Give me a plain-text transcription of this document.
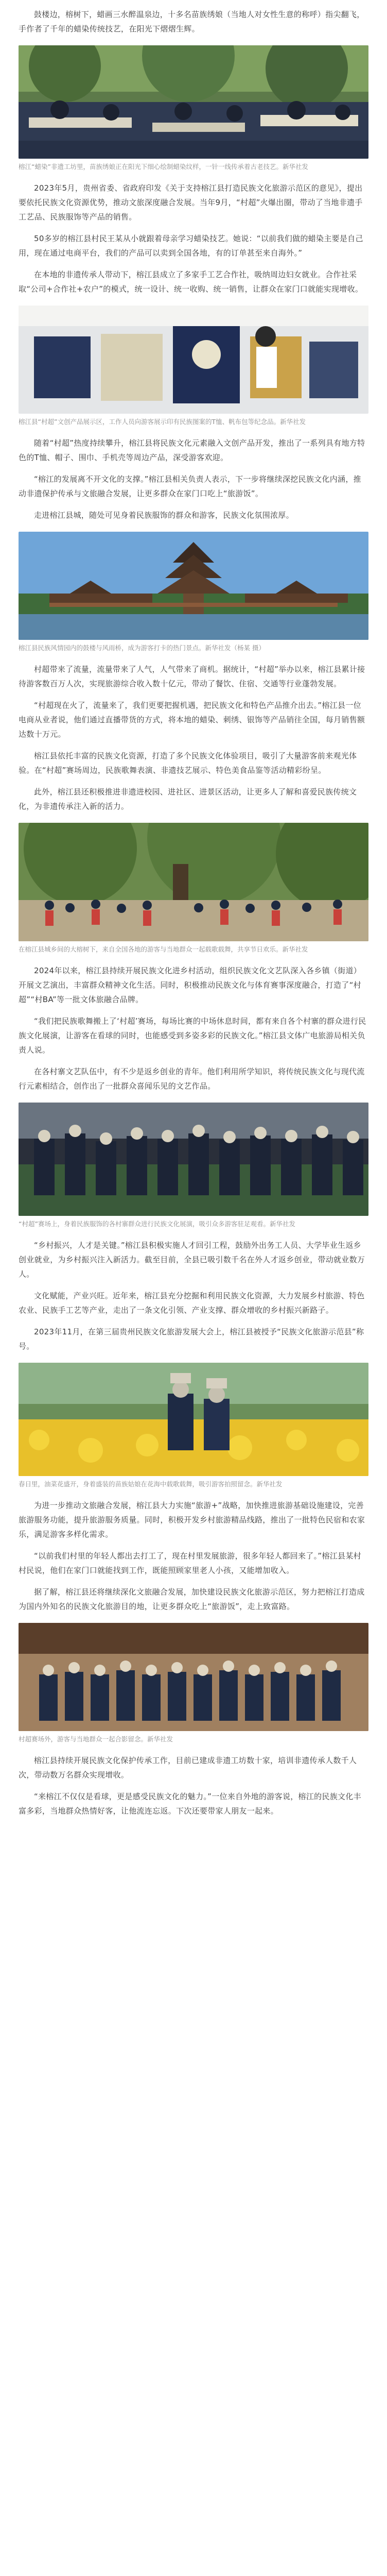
鼓楼边，榕树下，蜡画三水醉温泉边，十多名苗族绣娘（当地人对女性生意的称呼）指尖翻飞，手作者了千年的蜡染传统技艺，在阳光下熠熠生辉。

榕江“蜡染”非遗工坊里，苗族绣娘正在阳光下细心绘制蜡染纹样，一针一线传承着古老技艺。新华社发

2023年5月，贵州省委、省政府印发《关于支持榕江县打造民族文化旅游示范区的意见》，提出要依托民族文化资源优势，推动文旅深度融合发展。当年9月，“村超”火爆出圈，带动了当地非遗手工艺品、民族服饰等产品的销售。

50多岁的榕江县村民王某从小就跟着母亲学习蜡染技艺。她说：“以前我们做的蜡染主要是自己用，现在通过电商平台，我们的产品可以卖到全国各地，有的订单甚至来自海外。”

在本地的非遗传承人带动下，榕江县成立了多家手工艺合作社，吸纳周边妇女就业。合作社采取“公司+合作社+农户”的模式，统一设计、统一收购、统一销售，让群众在家门口就能实现增收。

榕江县“村超”文创产品展示区，工作人员向游客展示印有民族图案的T恤、帆布包等纪念品。新华社发

随着“村超”热度持续攀升，榕江县将民族文化元素融入文创产品开发，推出了一系列具有地方特色的T恤、帽子、围巾、手机壳等周边产品，深受游客欢迎。

“榕江的发展离不开文化的支撑。”榕江县相关负责人表示，下一步将继续深挖民族文化内涵，推动非遗保护传承与文旅融合发展，让更多群众在家门口吃上“旅游饭”。

走进榕江县城，随处可见身着民族服饰的群众和游客，民族文化氛围浓厚。

榕江县民族风情园内的鼓楼与风雨桥，成为游客打卡的热门景点。新华社发（杨某 摄）

村超带来了流量，流量带来了人气，人气带来了商机。据统计，“村超”举办以来，榕江县累计接待游客数百万人次，实现旅游综合收入数十亿元，带动了餐饮、住宿、交通等行业蓬勃发展。

“村超现在火了，流量来了，我们更要把握机遇，把民族文化和特色产品推介出去。”榕江县一位电商从业者说，他们通过直播带货的方式，将本地的蜡染、刺绣、银饰等产品销往全国，每月销售额达数十万元。

榕江县依托丰富的民族文化资源，打造了多个民族文化体验项目，吸引了大量游客前来观光体验。在“村超”赛场周边，民族歌舞表演、非遗技艺展示、特色美食品鉴等活动精彩纷呈。

此外，榕江县还积极推进非遗进校园、进社区、进景区活动，让更多人了解和喜爱民族传统文化，为非遗传承注入新的活力。

在榕江县城乡间的大榕树下，来自全国各地的游客与当地群众一起载歌载舞，共享节日欢乐。新华社发

2024年以来，榕江县持续开展民族文化进乡村活动，组织民族文化文艺队深入各乡镇（街道）开展文艺演出，丰富群众精神文化生活。同时，积极推动民族文化与体育赛事深度融合，打造了“村超”“村BA”等一批文体旅融合品牌。

“我们把民族歌舞搬上了‘村超’赛场，每场比赛的中场休息时间，都有来自各个村寨的群众进行民族文化展演，让游客在看球的同时，也能感受到多姿多彩的民族文化。”榕江县文体广电旅游局相关负责人说。

在各村寨文艺队伍中，有不少是返乡创业的青年。他们利用所学知识，将传统民族文化与现代流行元素相结合，创作出了一批群众喜闻乐见的文艺作品。

“村超”赛场上，身着民族服饰的各村寨群众进行民族文化展演，吸引众多游客驻足观看。新华社发

“乡村振兴，人才是关键。”榕江县积极实施人才回引工程，鼓励外出务工人员、大学毕业生返乡创业就业，为乡村振兴注入新活力。截至目前，全县已吸引数千名在外人才返乡创业，带动就业数万人。

文化赋能，产业兴旺。近年来，榕江县充分挖掘和利用民族文化资源，大力发展乡村旅游、特色农业、民族手工艺等产业，走出了一条文化引领、产业支撑、群众增收的乡村振兴新路子。

2023年11月，在第三届贵州民族文化旅游发展大会上，榕江县被授予“民族文化旅游示范县”称号。

春日里，油菜花盛开，身着盛装的苗族姑娘在花海中载歌载舞，吸引游客拍照留念。新华社发

为进一步推动文旅融合发展，榕江县大力实施“旅游+”战略，加快推进旅游基础设施建设，完善旅游服务功能，提升旅游服务质量。同时，积极开发乡村旅游精品线路，推出了一批特色民宿和农家乐，满足游客多样化需求。

“以前我们村里的年轻人都出去打工了，现在村里发展旅游，很多年轻人都回来了。”榕江县某村村民说，他们在家门口就能找到工作，既能照顾家里老人小孩，又能增加收入。

据了解，榕江县还将继续深化文旅融合发展，加快建设民族文化旅游示范区，努力把榕江打造成为国内外知名的民族文化旅游目的地，让更多群众吃上“旅游饭”，走上致富路。

村超赛场外，游客与当地群众一起合影留念。新华社发

榕江县持续开展民族文化保护传承工作，目前已建成非遗工坊数十家，培训非遗传承人数千人次，带动数万名群众实现增收。

“来榕江不仅仅是看球，更是感受民族文化的魅力。”一位来自外地的游客说，榕江的民族文化丰富多彩，当地群众热情好客，让他流连忘返。下次还要带家人朋友一起来。
